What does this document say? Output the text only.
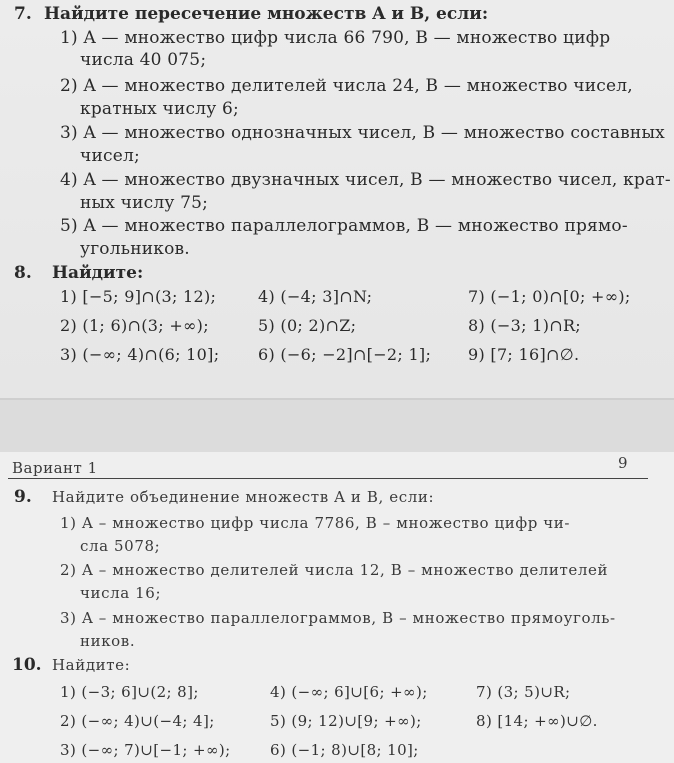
7. Найдите пересечение множеств A и B, если:
1) A — множество цифр числа 66 790, B — множество цифр
числа 40 075;
2) A — множество делителей числа 24, B — множество чисел,
кратных числу 6;
3) A — множество однозначных чисел, B — множество составных
чисел;
4) A — множество двузначных чисел, B — множество чисел, крат-
ных числу 75;
5) A — множество параллелограммов, B — множество прямо-
угольников.
8. Найдите:
1) [−5; 9]∩(3; 12);	4) (−4; 3]∩N;	7) (−1; 0)∩[0; +∞);
2) (1; 6)∩(3; +∞);	5) (0; 2)∩Z;	8) (−3; 1)∩R;
3) (−∞; 4)∩(6; 10]; 6) (−6; −2]∩[−2; 1]; 9) [7; 16]∩∅.
Вариант 1	9
9. Найдите объединение множеств A и B, если:
1) A – множество цифр числа 7786, B – множество цифр чи-
сла 5078;
2) A – множество делителей числа 12, B – множество делителей
числа 16;
3) A – множество параллелограммов, B – множество прямоуголь-
ников.
10. Найдите:
1) (−3; 6]∪(2; 8];	4) (−∞; 6]∪[6; +∞);	7) (3; 5)∪R;
2) (−∞; 4)∪(−4; 4];	5) (9; 12)∪[9; +∞);	8) [14; +∞)∪∅.
3) (−∞; 7)∪[−1; +∞);	6) (−1; 8)∪[8; 10];
